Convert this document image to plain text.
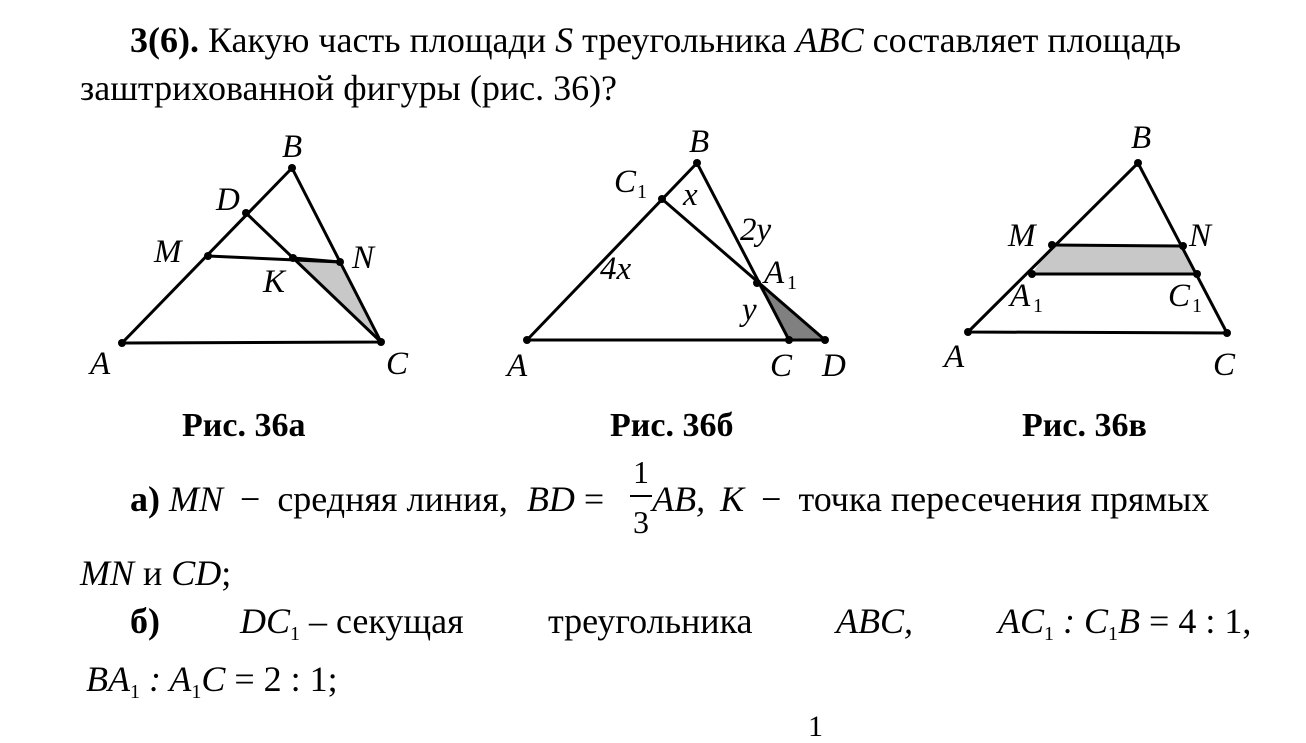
3(6). Какую часть площади S треугольника ABC составляет площадь
заштрихованной фигуры (рис. 36)?
A
B
C
D
M	N
K
A
B
C D
C 1
A 1
x
4x
2y
y
A
B
C
M	N
A 1	C 1
Рис. 36а	Рис. 36б	Рис. 36в
а) MN − средняя линия, BD = AB, K − точка пересечения прямых
1
3
MN и CD;
б) $DC_1$ – секущая треугольника ABC, $AC_1$ : $C_1B = 4$ : 1,
$BA_1$ : $A_1C = 2$ : 1;
1
